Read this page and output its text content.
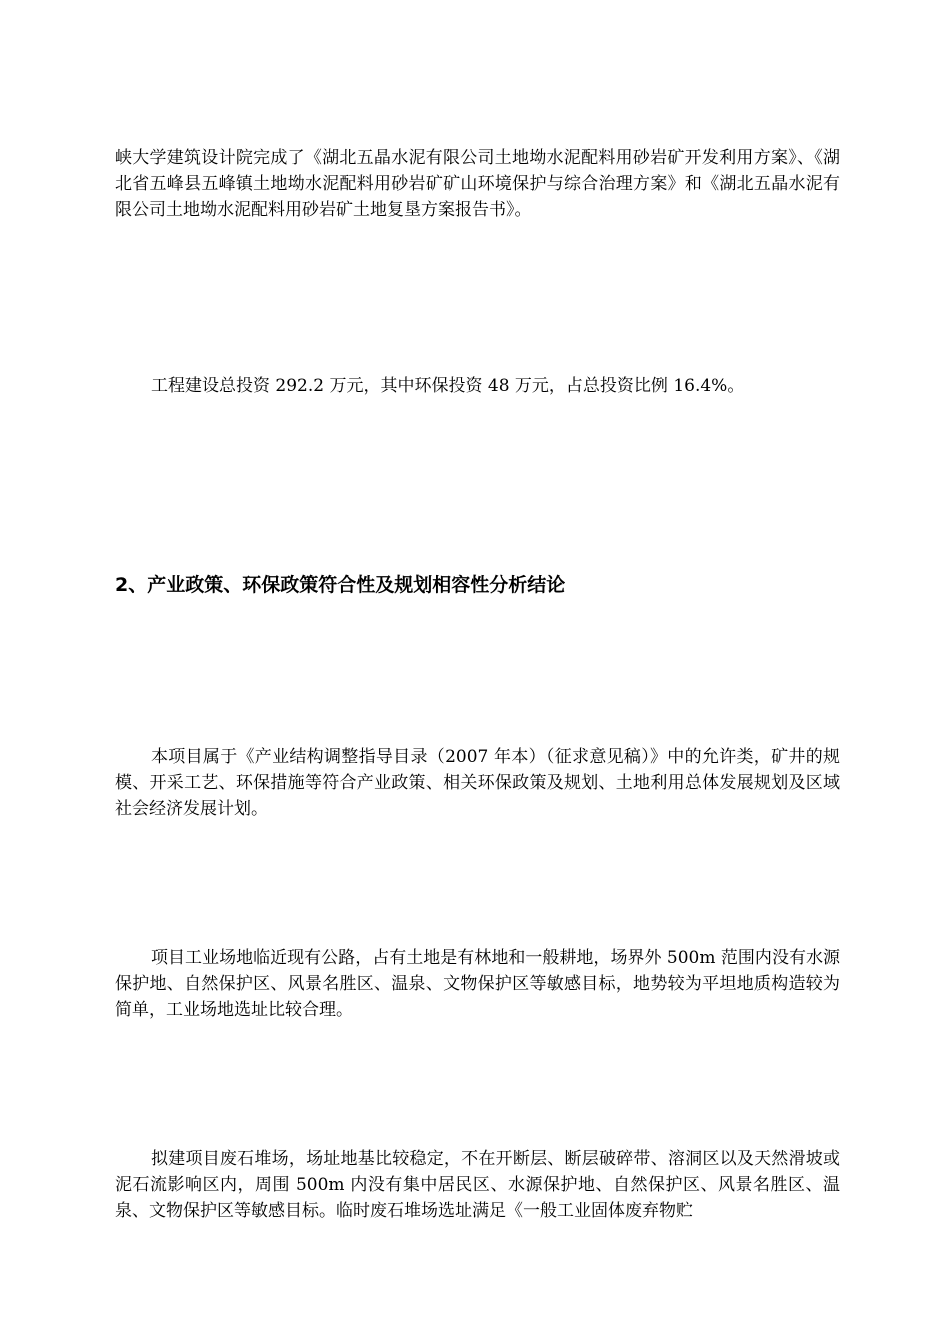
峡大学建筑设计院完成了《湖北五晶水泥有限公司土地坳水泥配料用砂岩矿开发利用方案》、《湖北省五峰县五峰镇土地坳水泥配料用砂岩矿矿山环境保护与综合治理方案》和《湖北五晶水泥有限公司土地坳水泥配料用砂岩矿土地复垦方案报告书》。

工程建设总投资 292.2 万元，其中环保投资 48 万元，占总投资比例 16.4%。

2、产业政策、环保政策符合性及规划相容性分析结论

本项目属于《产业结构调整指导目录（2007 年本）（征求意见稿）》中的允许类，矿井的规模、开采工艺、环保措施等符合产业政策、相关环保政策及规划、土地利用总体发展规划及区域社会经济发展计划。

项目工业场地临近现有公路，占有土地是有林地和一般耕地，场界外 500m 范围内没有水源保护地、自然保护区、风景名胜区、温泉、文物保护区等敏感目标，地势较为平坦地质构造较为简单，工业场地选址比较合理。

拟建项目废石堆场，场址地基比较稳定，不在开断层、断层破碎带、溶洞区以及天然滑坡或泥石流影响区内，周围 500m 内没有集中居民区、水源保护地、自然保护区、风景名胜区、温泉、文物保护区等敏感目标。临时废石堆场选址满足《一般工业固体废弃物贮
